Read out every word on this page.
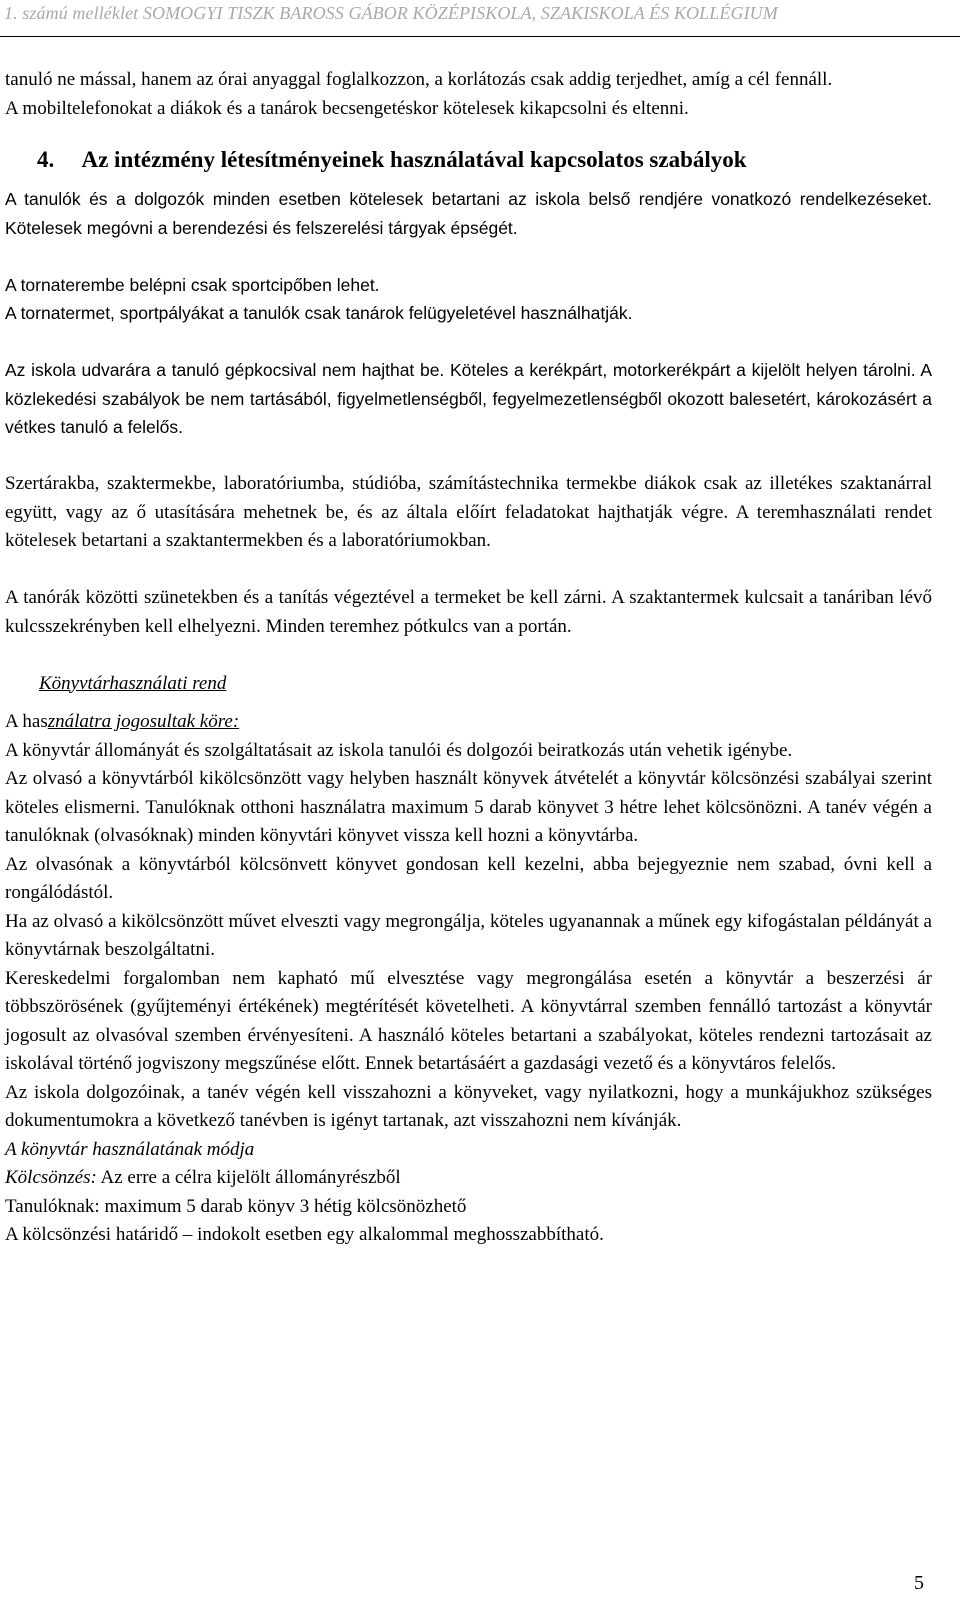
1. számú melléklet SOMOGYI TISZK BAROSS GÁBOR KÖZÉPISKOLA, SZAKISKOLA ÉS KOLLÉGIUM

tanuló ne mással, hanem az órai anyaggal foglalkozzon, a korlátozás csak addig terjedhet, amíg a cél fennáll.

A mobiltelefonokat a diákok és a tanárok becsengetéskor kötelesek kikapcsolni és eltenni.

4. Az intézmény létesítményeinek használatával kapcsolatos szabályok

A tanulók és a dolgozók minden esetben kötelesek betartani az iskola belső rendjére vonatkozó rendelkezéseket. Kötelesek megóvni a berendezési és felszerelési tárgyak épségét.

A tornaterembe belépni csak sportcipőben lehet.

A tornatermet, sportpályákat a tanulók csak tanárok felügyeletével használhatják.

Az iskola udvarára a tanuló gépkocsival nem hajthat be. Köteles a kerékpárt, motorkerékpárt a kijelölt helyen tárolni. A közlekedési szabályok be nem tartásából, figyelmetlenségből, fegyelmezetlenségből okozott balesetért, károkozásért a vétkes tanuló a felelős.

Szertárakba, szaktermekbe, laboratóriumba, stúdióba, számítástechnika termekbe diákok csak az illetékes szaktanárral együtt, vagy az ő utasítására mehetnek be, és az általa előírt feladatokat hajthatják végre. A teremhasználati rendet kötelesek betartani a szaktantermekben és a laboratóriumokban.

A tanórák közötti szünetekben és a tanítás végeztével a termeket be kell zárni. A szaktantermek kulcsait a tanáriban lévő kulcsszekrényben kell elhelyezni. Minden teremhez pótkulcs van a portán.

Könyvtárhasználati rend

A használatra jogosultak köre:

A könyvtár állományát és szolgáltatásait az iskola tanulói és dolgozói beiratkozás után vehetik igénybe.

Az olvasó a könyvtárból kikölcsönzött vagy helyben használt könyvek átvételét a könyvtár kölcsönzési szabályai szerint köteles elismerni. Tanulóknak otthoni használatra maximum 5 darab könyvet 3 hétre lehet kölcsönözni. A tanév végén a tanulóknak (olvasóknak) minden könyvtári könyvet vissza kell hozni a könyvtárba.

Az olvasónak a könyvtárból kölcsönvett könyvet gondosan kell kezelni, abba bejegyeznie nem szabad, óvni kell a rongálódástól.

Ha az olvasó a kikölcsönzött művet elveszti vagy megrongálja, köteles ugyanannak a műnek egy kifogástalan példányát a könyvtárnak beszolgáltatni.

Kereskedelmi forgalomban nem kapható mű elvesztése vagy megrongálása esetén a könyvtár a beszerzési ár többszörösének (gyűjteményi értékének) megtérítését követelheti. A könyvtárral szemben fennálló tartozást a könyvtár jogosult az olvasóval szemben érvényesíteni. A használó köteles betartani a szabályokat, köteles rendezni tartozásait az iskolával történő jogviszony megszűnése előtt. Ennek betartásáért a gazdasági vezető és a könyvtáros felelős.

Az iskola dolgozóinak, a tanév végén kell visszahozni a könyveket, vagy nyilatkozni, hogy a munkájukhoz szükséges dokumentumokra a következő tanévben is igényt tartanak, azt visszahozni nem kívánják.

A könyvtár használatának módja

Kölcsönzés: Az erre a célra kijelölt állományrészből

Tanulóknak: maximum 5 darab könyv 3 hétig kölcsönözhető

A kölcsönzési határidő – indokolt esetben egy alkalommal meghosszabbítható.

5
